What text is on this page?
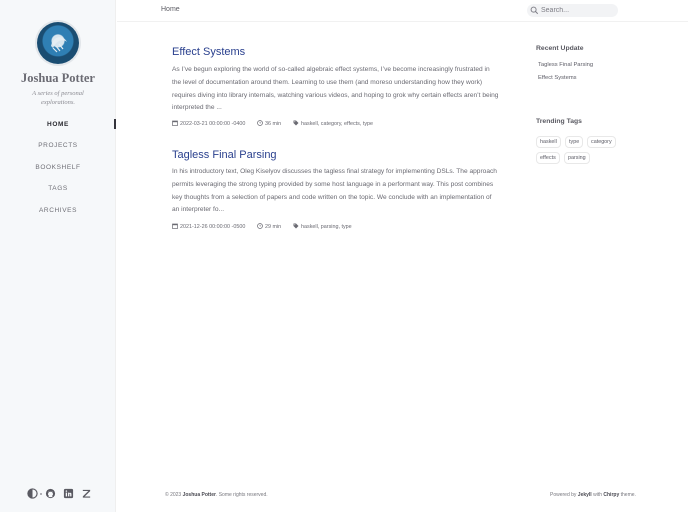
Joshua Potter
A series of personal explorations.
HOME
PROJECTS
BOOKSHELF
TAGS
ARCHIVES
Home
Search...
Effect Systems
As I’ve begun exploring the world of so-called algebraic effect systems, I’ve become increasingly frustrated in the level of documentation around them. Learning to use them (and moreso understanding how they work) requires diving into library internals, watching various videos, and hoping to grok why certain effects aren’t being interpreted the ...
2022-03-21 00:00:00 -0400	36 min	haskell, category, effects, type
Tagless Final Parsing
In his introductory text, Oleg Kiselyov discusses the tagless final strategy for implementing DSLs. The approach permits leveraging the strong typing provided by some host language in a performant way. This post combines key thoughts from a selection of papers and code written on the topic. We conclude with an implementation of an interpreter fo...
2021-12-26 00:00:00 -0500	29 min	haskell, parsing, type
Recent Update
Tagless Final Parsing
Effect Systems
Trending Tags
haskell	type	category
effects	parsing
© 2023 Joshua Potter. Some rights reserved.	Powered by Jekyll with Chirpy theme.
